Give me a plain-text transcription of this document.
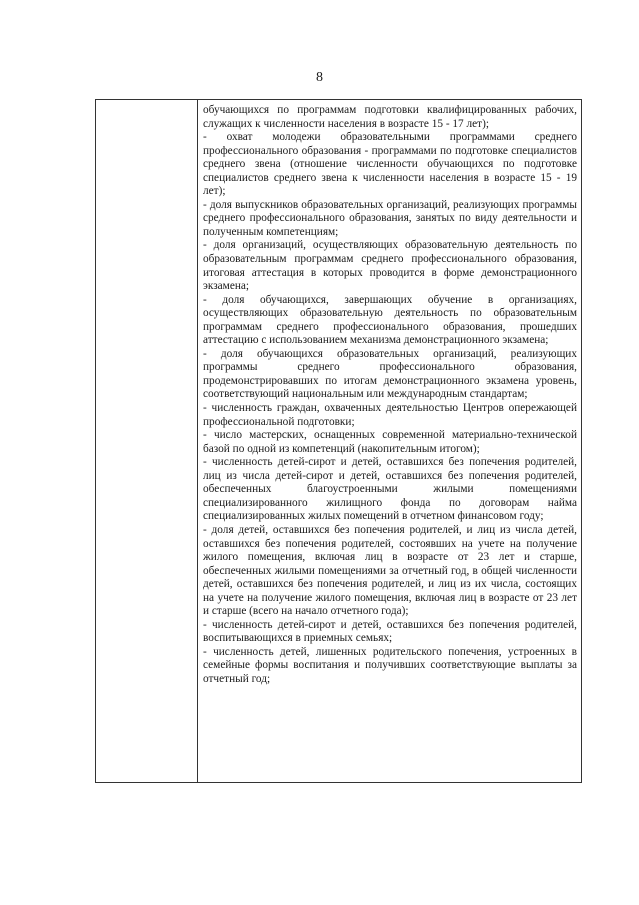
8

обучающихся по программам подготовки квалифицированных рабочих, служащих к численности населения в возрасте 15 - 17 лет);

- охват молодежи образовательными программами среднего профессионального образования - программами по подготовке специалистов среднего звена (отношение численности обучающихся по подготовке специалистов среднего звена к численности населения в возрасте 15 - 19 лет);

- доля выпускников образовательных организаций, реализующих программы среднего профессионального образования, занятых по виду деятельности и полученным компетенциям;

- доля организаций, осуществляющих образовательную деятельность по образовательным программам среднего профессионального образования, итоговая аттестация в которых проводится в форме демонстрационного экзамена;

- доля обучающихся, завершающих обучение в организациях, осуществляющих образовательную деятельность по образовательным программам среднего профессионального образования, прошедших аттестацию с использованием механизма демонстрационного экзамена;

- доля обучающихся образовательных организаций, реализующих программы среднего профессионального образования, продемонстрировавших по итогам демонстрационного экзамена уровень, соответствующий национальным или международным стандартам;

- численность граждан, охваченных деятельностью Центров опережающей профессиональной подготовки;

- число мастерских, оснащенных современной материально-технической базой по одной из компетенций (накопительным итогом);

- численность детей-сирот и детей, оставшихся без попечения родителей, лиц из числа детей-сирот и детей, оставшихся без попечения родителей, обеспеченных благоустроенными жилыми помещениями специализированного жилищного фонда по договорам найма специализированных жилых помещений в отчетном финансовом году;

- доля детей, оставшихся без попечения родителей, и лиц из числа детей, оставшихся без попечения родителей, состоявших на учете на получение жилого помещения, включая лиц в возрасте от 23 лет и старше, обеспеченных жилыми помещениями за отчетный год, в общей численности детей, оставшихся без попечения родителей, и лиц из их числа, состоящих на учете на получение жилого помещения, включая лиц в возрасте от 23 лет и старше (всего на начало отчетного года);

- численность детей-сирот и детей, оставшихся без попечения родителей, воспитывающихся в приемных семьях;

- численность детей, лишенных родительского попечения, устроенных в семейные формы воспитания и получивших соответствующие выплаты за отчетный год;
